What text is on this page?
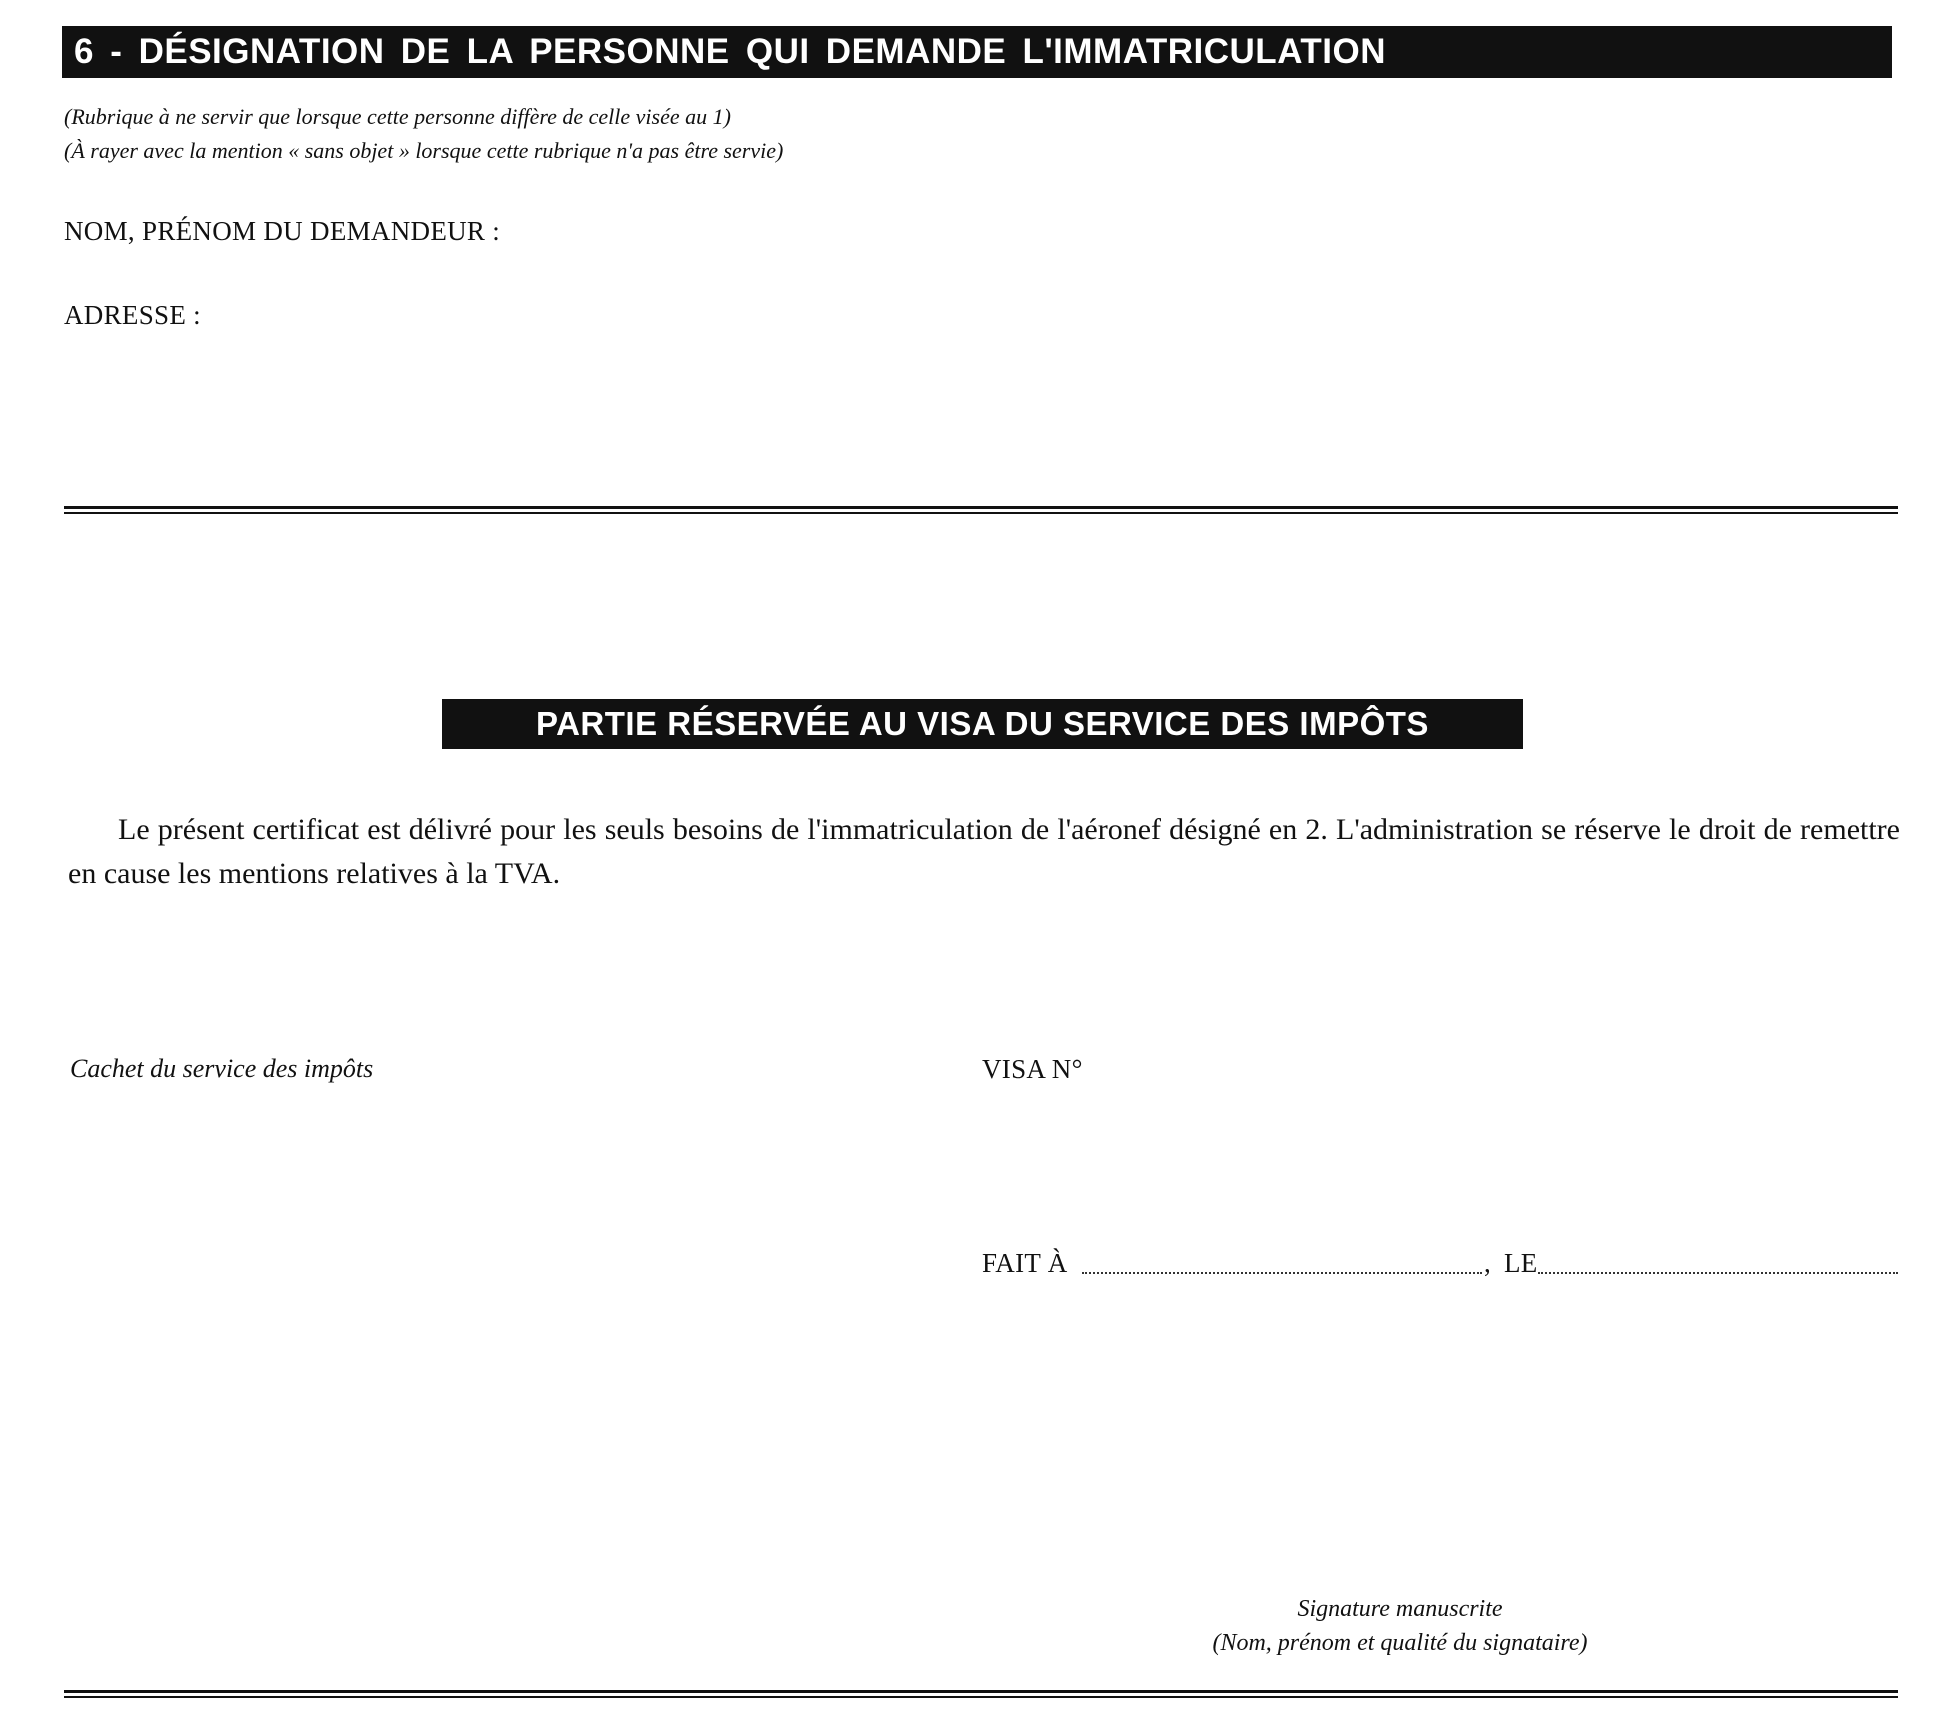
6 - DÉSIGNATION DE LA PERSONNE QUI DEMANDE L'IMMATRICULATION
(Rubrique à ne servir que lorsque cette personne diffère de celle visée au 1)
(À rayer avec la mention « sans objet » lorsque cette rubrique n'a pas être servie)
NOM, PRÉNOM DU DEMANDEUR :
ADRESSE :
PARTIE RÉSERVÉE AU VISA DU SERVICE DES IMPÔTS
Le présent certificat est délivré pour les seuls besoins de l'immatriculation de l'aéronef désigné en 2. L'administration se réserve le droit de remettre en cause les mentions relatives à la TVA.
Cachet du service des impôts	VISA N°
FAIT À	, LE
Signature manuscrite
(Nom, prénom et qualité du signataire)
